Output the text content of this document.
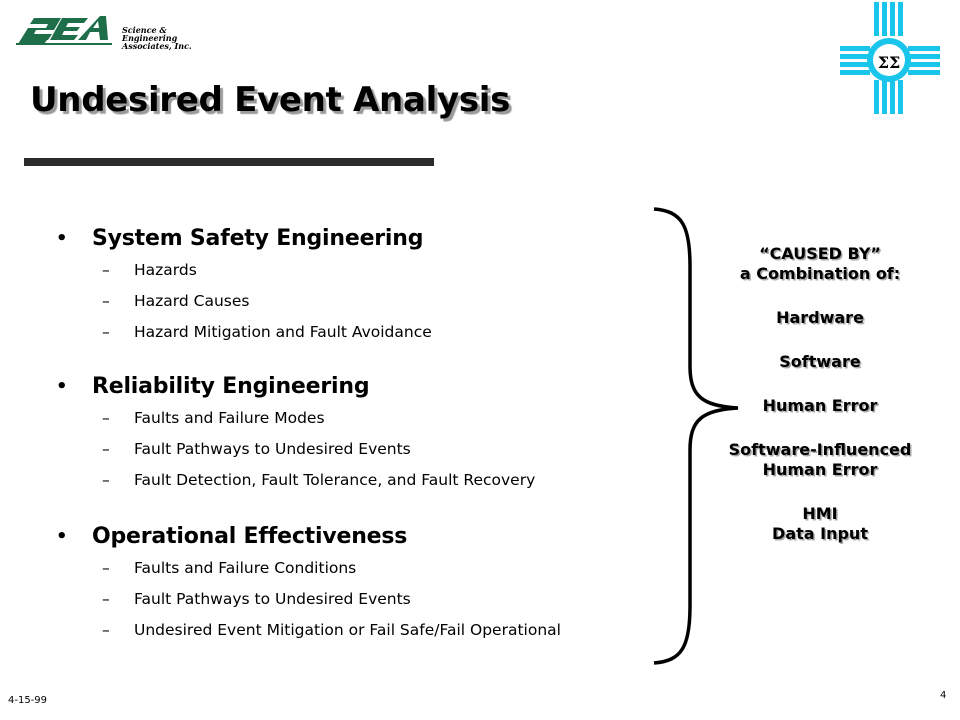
Science &
Engineering
Associates, Inc.
ΣΣ
Undesired Event Analysis
• System Safety Engineering
– Hazards
– Hazard Causes
– Hazard Mitigation and Fault Avoidance
• Reliability Engineering
– Faults and Failure Modes
– Fault Pathways to Undesired Events
– Fault Detection, Fault Tolerance, and Fault Recovery
• Operational Effectiveness
– Faults and Failure Conditions
– Fault Pathways to Undesired Events
– Undesired Event Mitigation or Fail Safe/Fail Operational
“CAUSED BY”
a Combination of:
Hardware
Software
Human Error
Software-Influenced
Human Error
HMI
Data Input
4-15-99	4
